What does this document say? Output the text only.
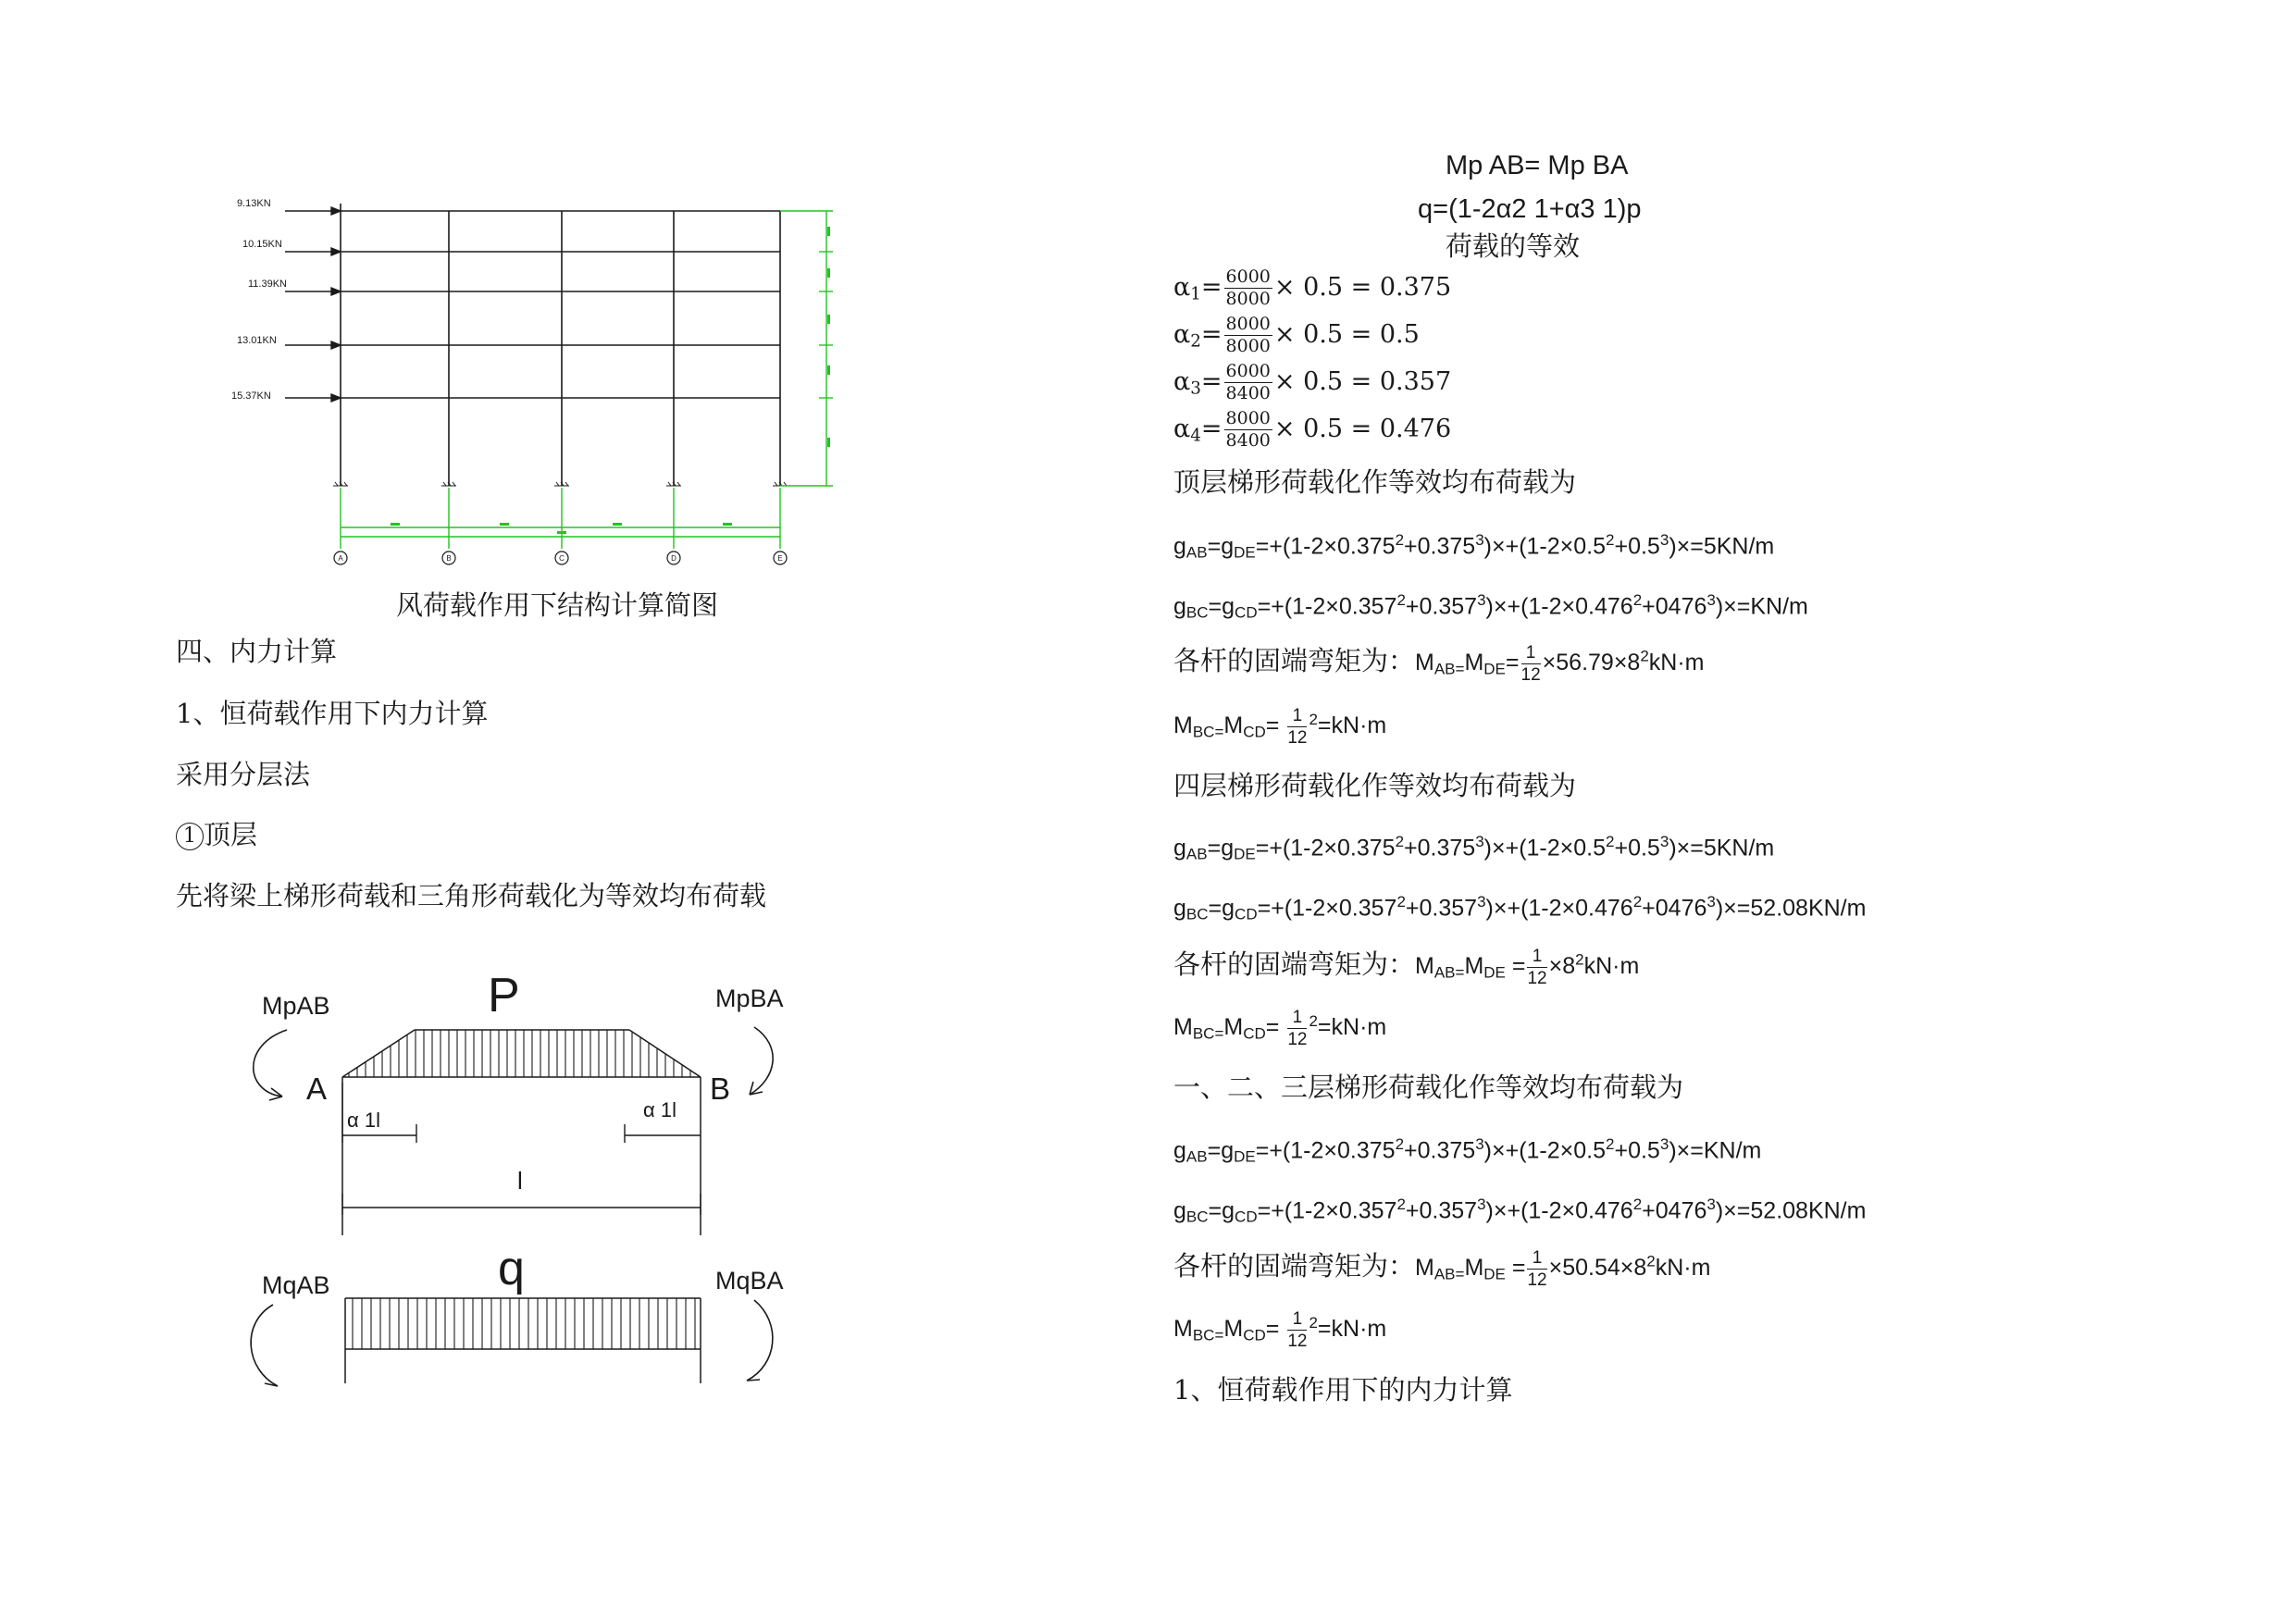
9.13KN
10.15KN
11.39KN
13.01KN
15.37KN
A	B	C	D	E
风荷载作用下结构计算简图
四、内力计算
1、恒荷载作用下内力计算
采用分层法
1 顶层
先将梁上梯形荷载和三角形荷载化为等效均布荷载
P
MpAB	MpBA
A	B
α 1l	α 1l
l
q
MqAB	MqBA
Mp AB= Mp BA
q=(1-2α2 1+α3 1)p
荷载的等效
$\alpha_1= \frac{6000}{8000} \times 0.5 = 0.375$
$\alpha_2= \frac{8000}{8000} \times 0.5 = 0.5$
$\alpha_3= \frac{6000}{8400} \times 0.5 = 0.357$
$\alpha_4= \frac{8000}{8400} \times 0.5 = 0.476$
顶层梯形荷载化作等效均布荷载为
$g_{AB}=g_{DE}=+(1-2\times 0.375^2+0.375^3)\times+(1-2\times 0.5^2+0.5^3)\times=5KN/m$
$g_{BC}=g_{CD}=+(1-2\times 0.357^2+0.357^3)\times+(1-2\times 0.476^2+0476^3)\times=KN/m$
各杆的固端弯矩为：$M_{AB=}M_{DE}= \frac{1}{12} \times 56.79\times 8^2kN\cdot m$
$M_{BC=}M_{CD}= \frac{1}{12} ^2=kN\cdot m$
四层梯形荷载化作等效均布荷载为
$g_{AB}=g_{DE}=+(1-2\times 0.375^2+0.375^3)\times+(1-2\times 0.5^2+0.5^3)\times=5KN/m$
$g_{BC}=g_{CD}=+(1-2\times 0.357^2+0.357^3)\times+(1-2\times 0.476^2+0476^3)\times=52.08KN/m$
各杆的固端弯矩为：$M_{AB=}M_{DE} = \frac{1}{12} \times 8^2kN\cdot m$
$M_{BC=}M_{CD}= \frac{1}{12} ^2=kN\cdot m$
一、二、三层梯形荷载化作等效均布荷载为
$g_{AB}=g_{DE}=+(1-2\times 0.375^2+0.375^3)\times+(1-2\times 0.5^2+0.5^3)\times=KN/m$
$g_{BC}=g_{CD}=+(1-2\times 0.357^2+0.357^3)\times+(1-2\times 0.476^2+0476^3)\times=52.08KN/m$
各杆的固端弯矩为：$M_{AB=}M_{DE} = \frac{1}{12} \times 50.54\times 8^2kN\cdot m$
$M_{BC=}M_{CD}= \frac{1}{12} ^2=kN\cdot m$
1、恒荷载作用下的内力计算
